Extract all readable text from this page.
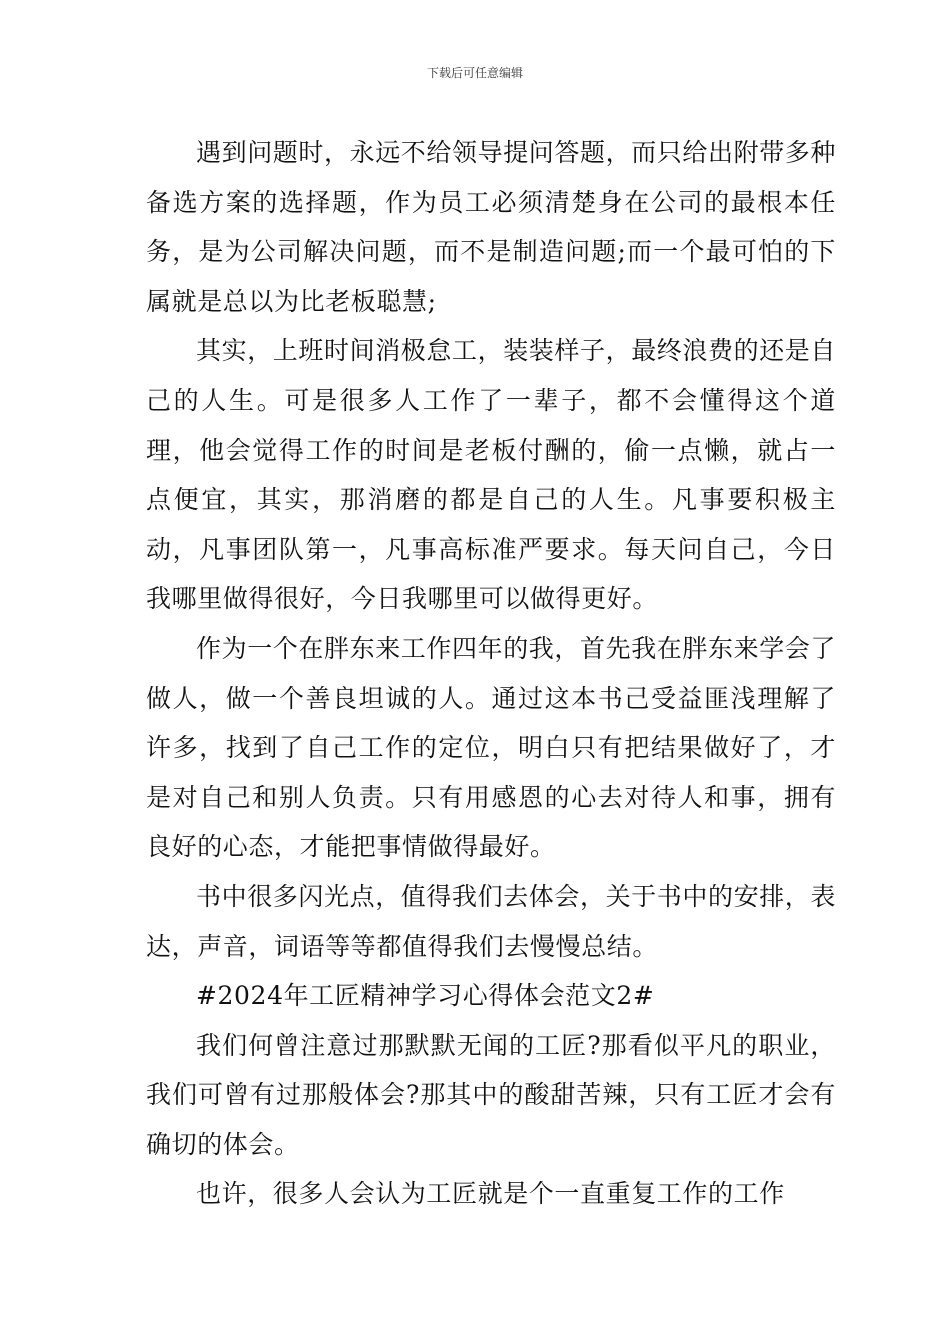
下载后可任意编辑

遇到问题时，永远不给领导提问答题，而只给出附带多种备选方案的选择题，作为员工必须清楚身在公司的最根本任务，是为公司解决问题，而不是制造问题;而一个最可怕的下属就是总以为比老板聪慧;

其实，上班时间消极怠工，装装样子，最终浪费的还是自己的人生。可是很多人工作了一辈子，都不会懂得这个道理，他会觉得工作的时间是老板付酬的，偷一点懒，就占一点便宜，其实，那消磨的都是自己的人生。凡事要积极主动，凡事团队第一，凡事高标准严要求。每天问自己，今日我哪里做得很好，今日我哪里可以做得更好。

作为一个在胖东来工作四年的我，首先我在胖东来学会了做人，做一个善良坦诚的人。通过这本书己受益匪浅理解了许多，找到了自己工作的定位，明白只有把结果做好了，才是对自己和别人负责。只有用感恩的心去对待人和事，拥有良好的心态，才能把事情做得最好。

书中很多闪光点，值得我们去体会，关于书中的安排，表达，声音，词语等等都值得我们去慢慢总结。

#2024年工匠精神学习心得体会范文2#

我们何曾注意过那默默无闻的工匠?那看似平凡的职业，我们可曾有过那般体会?那其中的酸甜苦辣，只有工匠才会有确切的体会。

也许，很多人会认为工匠就是个一直重复工作的工作
